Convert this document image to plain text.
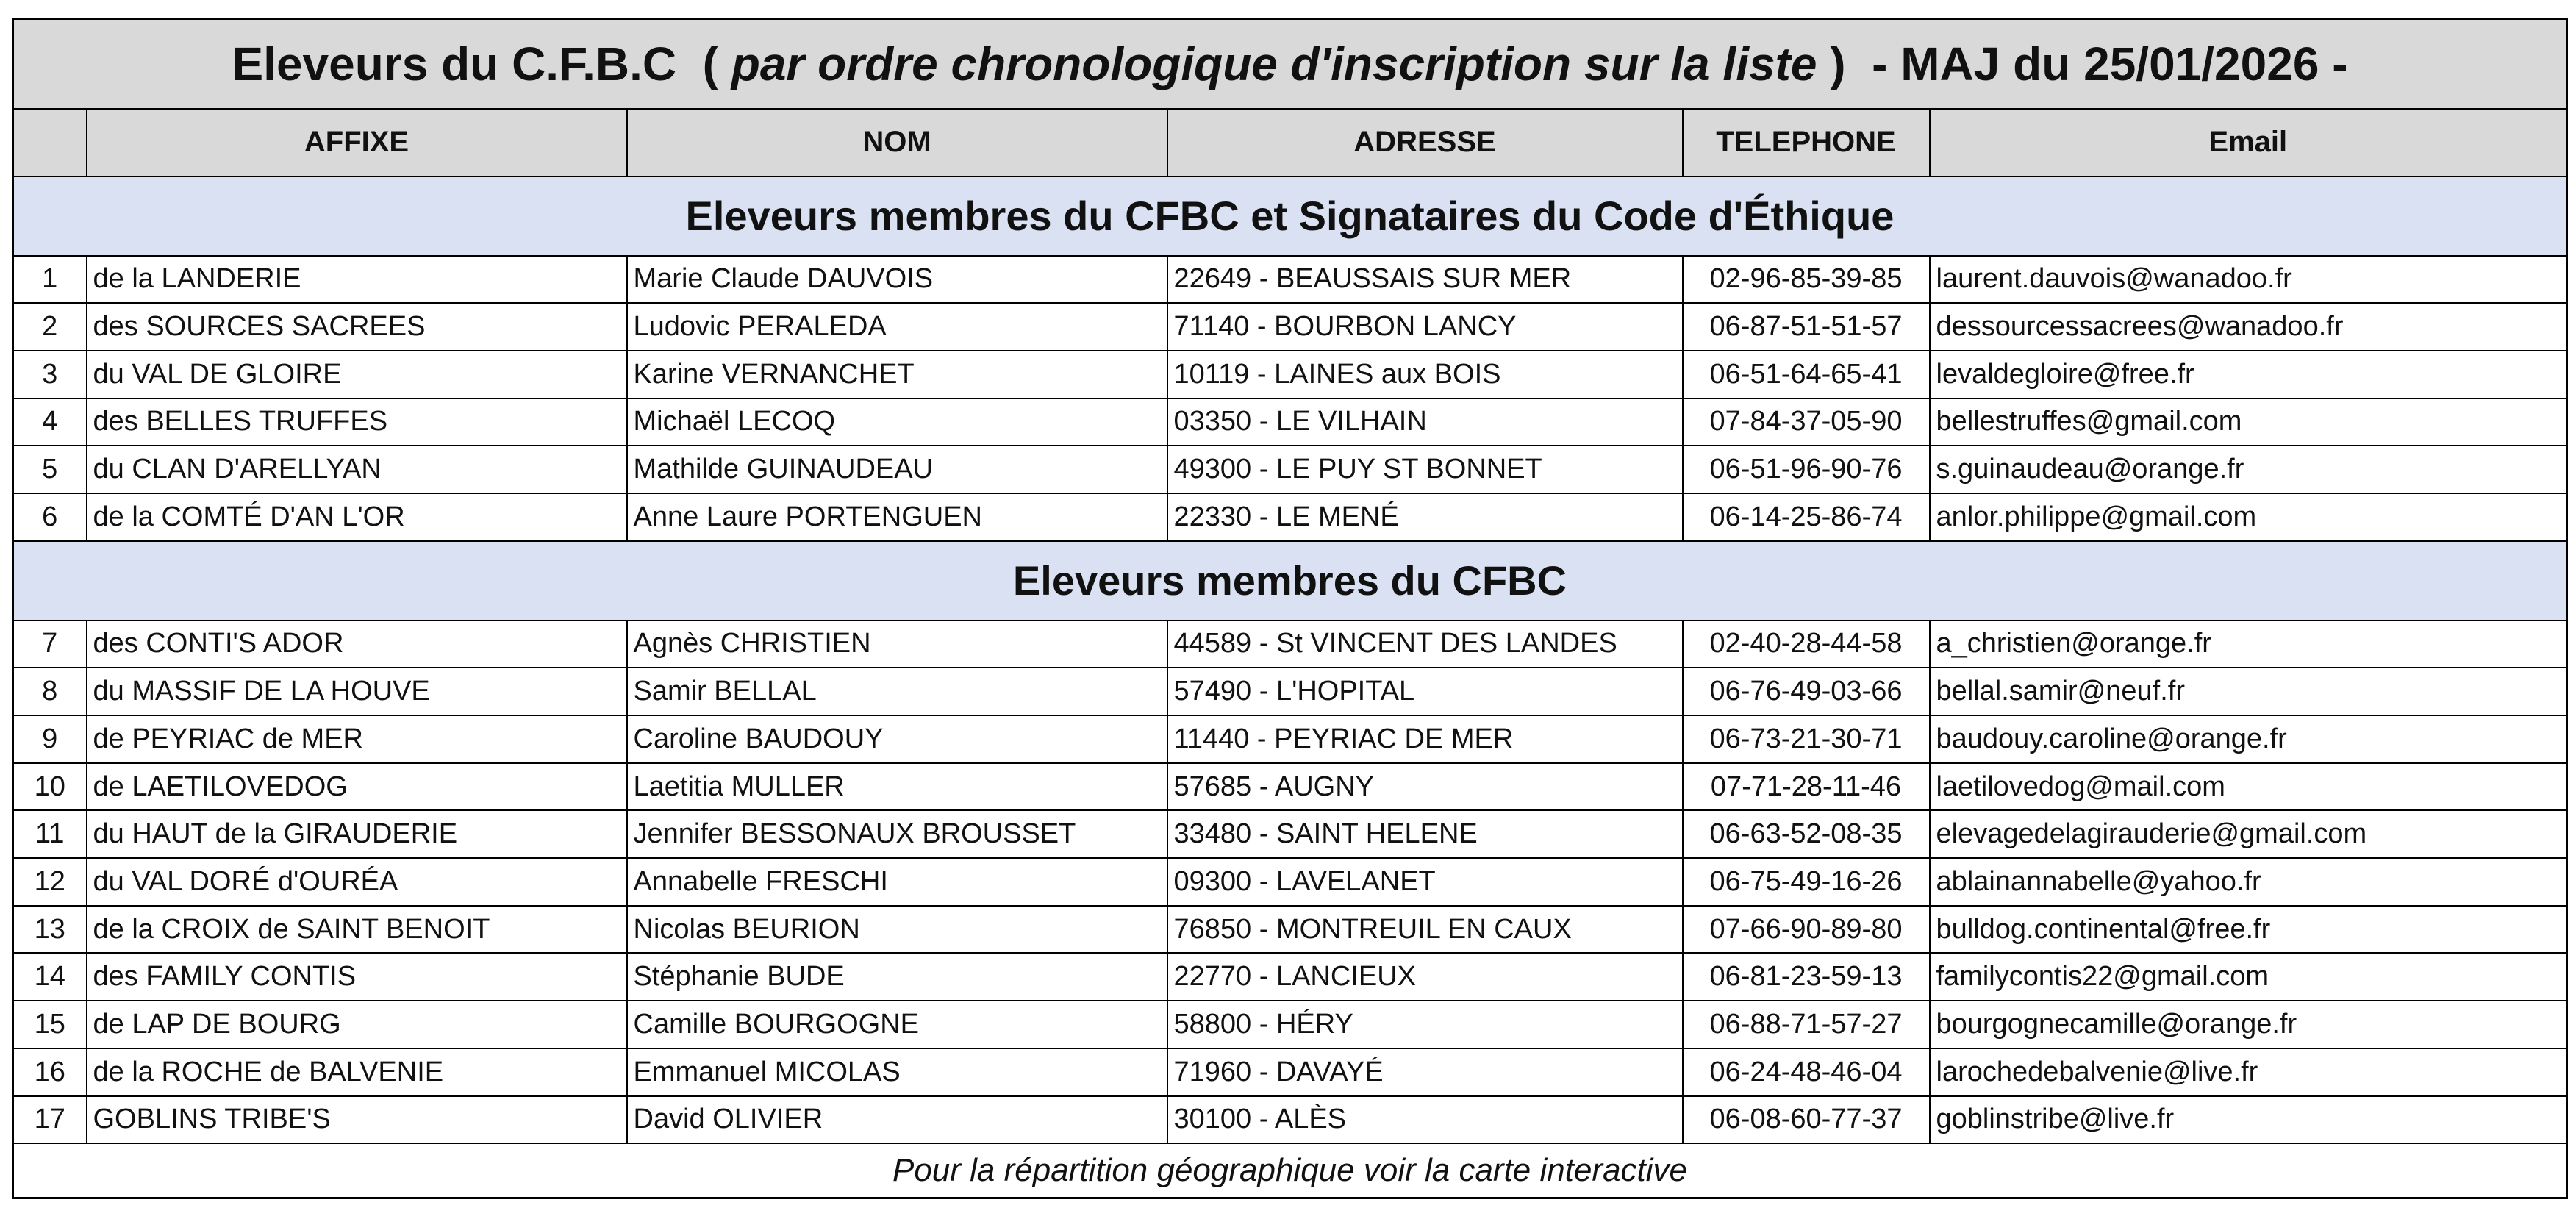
Eleveurs du C.F.B.C ( par ordre chronologique d'inscription sur la liste ) - MAJ du 25/01/2026 -					
	AFFIXE	NOM	ADRESSE	TELEPHONE	Email
Eleveurs membres du CFBC et Signataires du Code d'Éthique					
1	de la LANDERIE	Marie Claude DAUVOIS	22649 - BEAUSSAIS SUR MER	02-96-85-39-85	laurent.dauvois@wanadoo.fr
2	des SOURCES SACREES	Ludovic PERALEDA	71140 - BOURBON LANCY	06-87-51-51-57	dessourcessacrees@wanadoo.fr
3	du VAL DE GLOIRE	Karine VERNANCHET	10119 - LAINES aux BOIS	06-51-64-65-41	levaldegloire@free.fr
4	des BELLES TRUFFES	Michaël LECOQ	03350 - LE VILHAIN	07-84-37-05-90	bellestruffes@gmail.com
5	du CLAN D'ARELLYAN	Mathilde GUINAUDEAU	49300 - LE PUY ST BONNET	06-51-96-90-76	s.guinaudeau@orange.fr
6	de la COMTÉ D'AN L'OR	Anne Laure PORTENGUEN	22330 - LE MENÉ	06-14-25-86-74	anlor.philippe@gmail.com
Eleveurs membres du CFBC					
7	des CONTI'S ADOR	Agnès CHRISTIEN	44589 - St VINCENT DES LANDES	02-40-28-44-58	a_christien@orange.fr
8	du MASSIF DE LA HOUVE	Samir BELLAL	57490 - L'HOPITAL	06-76-49-03-66	bellal.samir@neuf.fr
9	de PEYRIAC de MER	Caroline BAUDOUY	11440 - PEYRIAC DE MER	06-73-21-30-71	baudouy.caroline@orange.fr
10	de LAETILOVEDOG	Laetitia MULLER	57685 - AUGNY	07-71-28-11-46	laetilovedog@mail.com
11	du HAUT de la GIRAUDERIE	Jennifer BESSONAUX BROUSSET	33480 - SAINT HELENE	06-63-52-08-35	elevagedelagirauderie@gmail.com
12	du VAL DORÉ d'OURÉA	Annabelle FRESCHI	09300 - LAVELANET	06-75-49-16-26	ablainannabelle@yahoo.fr
13	de la CROIX de SAINT BENOIT	Nicolas BEURION	76850 - MONTREUIL EN CAUX	07-66-90-89-80	bulldog.continental@free.fr
14	des FAMILY CONTIS	Stéphanie BUDE	22770 - LANCIEUX	06-81-23-59-13	familycontis22@gmail.com
15	de LAP DE BOURG	Camille BOURGOGNE	58800 - HÉRY	06-88-71-57-27	bourgognecamille@orange.fr
16	de la ROCHE de BALVENIE	Emmanuel MICOLAS	71960 - DAVAYÉ	06-24-48-46-04	larochedebalvenie@live.fr
17	GOBLINS TRIBE'S	David OLIVIER	30100 - ALÈS	06-08-60-77-37	goblinstribe@live.fr
Pour la répartition géographique voir la carte interactive					
